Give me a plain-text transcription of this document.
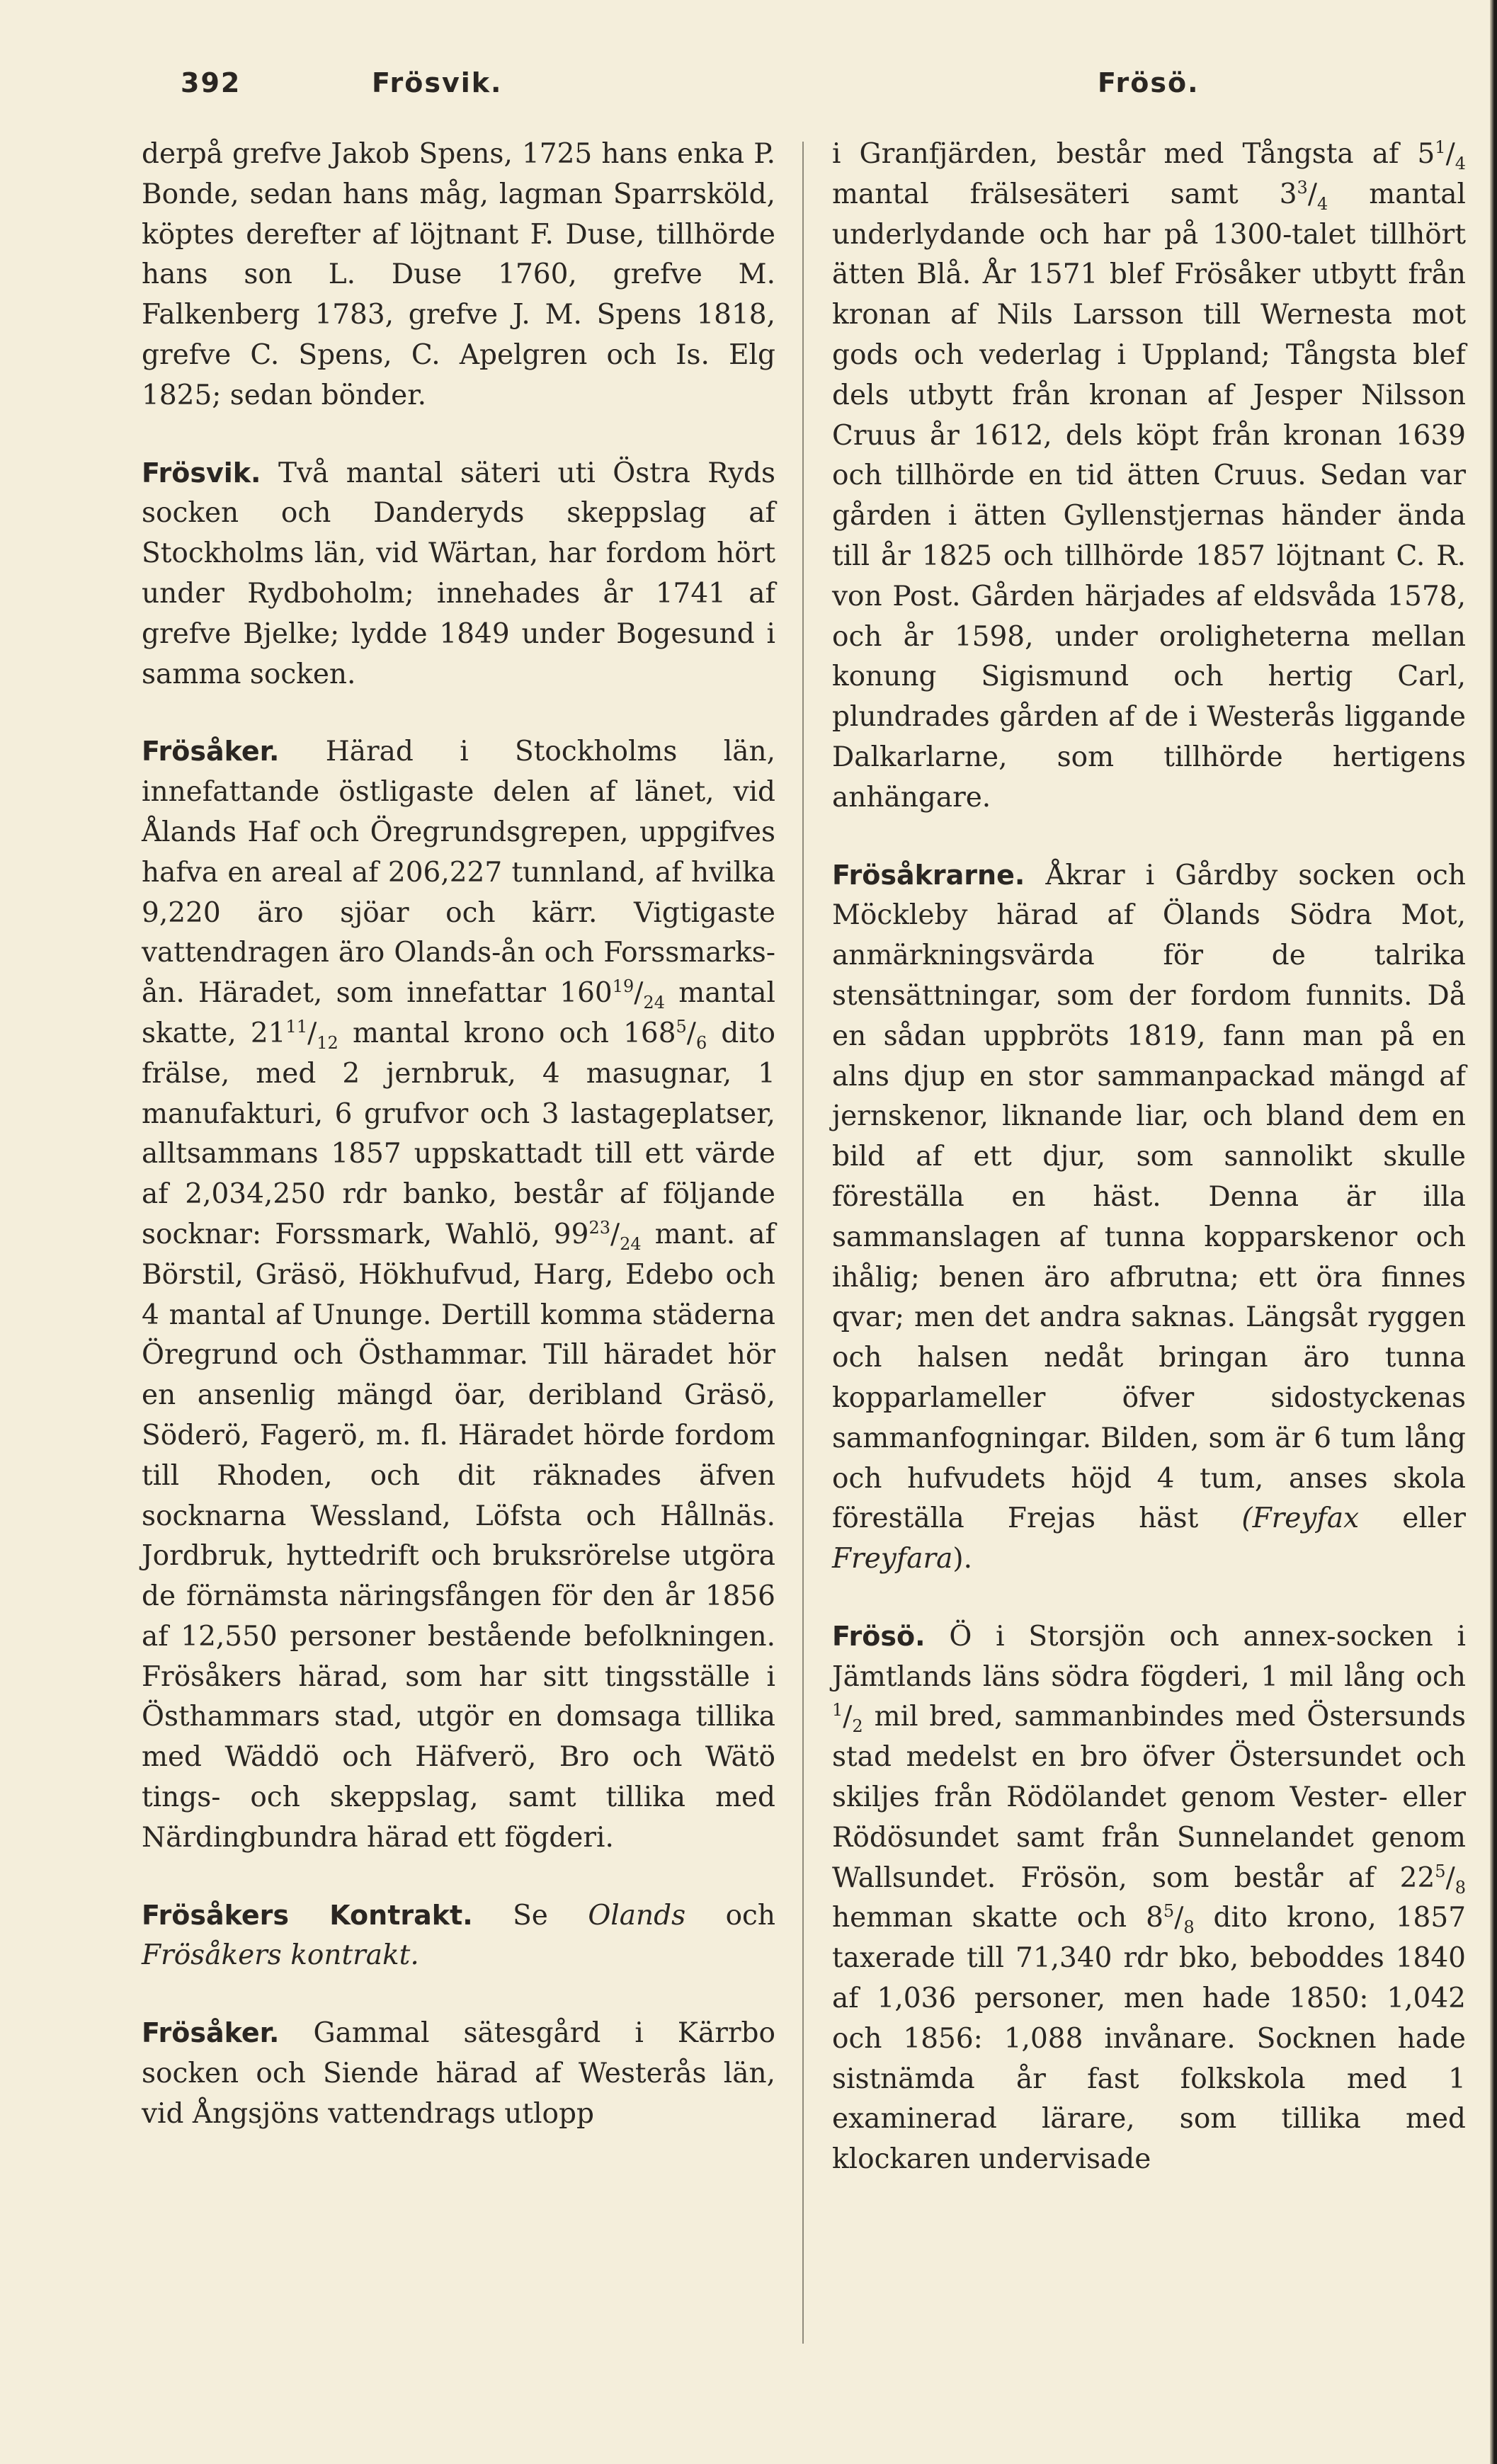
392	Frösvik.	Frösö.

derpå grefve Jakob Spens, 1725 hans enka P. Bonde, sedan hans måg, lagman Sparrsköld, köptes derefter af löjtnant F. Duse, tillhörde hans son L. Duse 1760, grefve M. Falkenberg 1783, grefve J. M. Spens 1818, grefve C. Spens, C. Apelgren och Is. Elg 1825; sedan bönder.

Frösvik. Två mantal säteri uti Östra Ryds socken och Danderyds skeppslag af Stockholms län, vid Wärtan, har fordom hört under Rydboholm; innehades år 1741 af grefve Bjelke; lydde 1849 under Bogesund i samma socken.

Frösåker. Härad i Stockholms län, innefattande östligaste delen af länet, vid Ålands Haf och Öregrundsgrepen, uppgifves hafva en areal af 206,227 tunnland, af hvilka 9,220 äro sjöar och kärr. Vigtigaste vattendragen äro Olands-ån och Forssmarks-ån. Häradet, som innefattar $160^{19}/_{24}$ mantal skatte, $21^{11}/_{12}$ mantal krono och $168^5/_6$ dito frälse, med 2 jernbruk, 4 masugnar, 1 manufakturi, 6 grufvor och 3 lastageplatser, alltsammans 1857 uppskattadt till ett värde af 2,034,250 rdr banko, består af följande socknar: Forssmark, Wahlö, $99^{23}/_{24}$ mant. af Börstil, Gräsö, Hökhufvud, Harg, Edebo och 4 mantal af Ununge. Dertill komma städerna Öregrund och Östhammar. Till häradet hör en ansenlig mängd öar, deribland Gräsö, Söderö, Fagerö, m. fl. Häradet hörde fordom till Rhoden, och dit räknades äfven socknarna Wessland, Löfsta och Hållnäs. Jordbruk, hyttedrift och bruksrörelse utgöra de förnämsta näringsfången för den år 1856 af 12,550 personer bestående befolkningen. Frösåkers härad, som har sitt tingsställe i Östhammars stad, utgör en domsaga tillika med Wäddö och Häfverö, Bro och Wätö tings- och skeppslag, samt tillika med Närdingbundra härad ett fögderi.

Frösåkers Kontrakt. Se Olands och Frösåkers kontrakt.

Frösåker. Gammal sätesgård i Kärrbo socken och Siende härad af Westerås län, vid Ångsjöns vattendrags utlopp

i Granfjärden, består med Tångsta af $5^1/_4$ mantal frälsesäteri samt $3^3/_4$ mantal underlydande och har på 1300-talet tillhört ätten Blå. År 1571 blef Frösåker utbytt från kronan af Nils Larsson till Wernesta mot gods och vederlag i Uppland; Tångsta blef dels utbytt från kronan af Jesper Nilsson Cruus år 1612, dels köpt från kronan 1639 och tillhörde en tid ätten Cruus. Sedan var gården i ätten Gyllenstjernas händer ända till år 1825 och tillhörde 1857 löjtnant C. R. von Post. Gården härjades af eldsvåda 1578, och år 1598, under oroligheterna mellan konung Sigismund och hertig Carl, plundrades gården af de i Westerås liggande Dalkarlarne, som tillhörde hertigens anhängare.

Frösåkrarne. Åkrar i Gårdby socken och Möckleby härad af Ölands Södra Mot, anmärkningsvärda för de talrika stensättningar, som der fordom funnits. Då en sådan uppbröts 1819, fann man på en alns djup en stor sammanpackad mängd af jernskenor, liknande liar, och bland dem en bild af ett djur, som sannolikt skulle föreställa en häst. Denna är illa sammanslagen af tunna kopparskenor och ihålig; benen äro afbrutna; ett öra finnes qvar; men det andra saknas. Längsåt ryggen och halsen nedåt bringan äro tunna kopparlameller öfver sidostyckenas sammanfogningar. Bilden, som är 6 tum lång och hufvudets höjd 4 tum, anses skola föreställa Frejas häst (Freyfax eller Freyfara).

Frösö. Ö i Storsjön och annex-socken i Jämtlands läns södra fögderi, 1 mil lång och $^1/_2$ mil bred, sammanbindes med Östersunds stad medelst en bro öfver Östersundet och skiljes från Rödölandet genom Vester- eller Rödösundet samt från Sunnelandet genom Wallsundet. Frösön, som består af $22^5/_8$ hemman skatte och $8^5/_8$ dito krono, 1857 taxerade till 71,340 rdr bko, beboddes 1840 af 1,036 personer, men hade 1850: 1,042 och 1856: 1,088 invånare. Socknen hade sistnämda år fast folkskola med 1 examinerad lärare, som tillika med klockaren undervisade
